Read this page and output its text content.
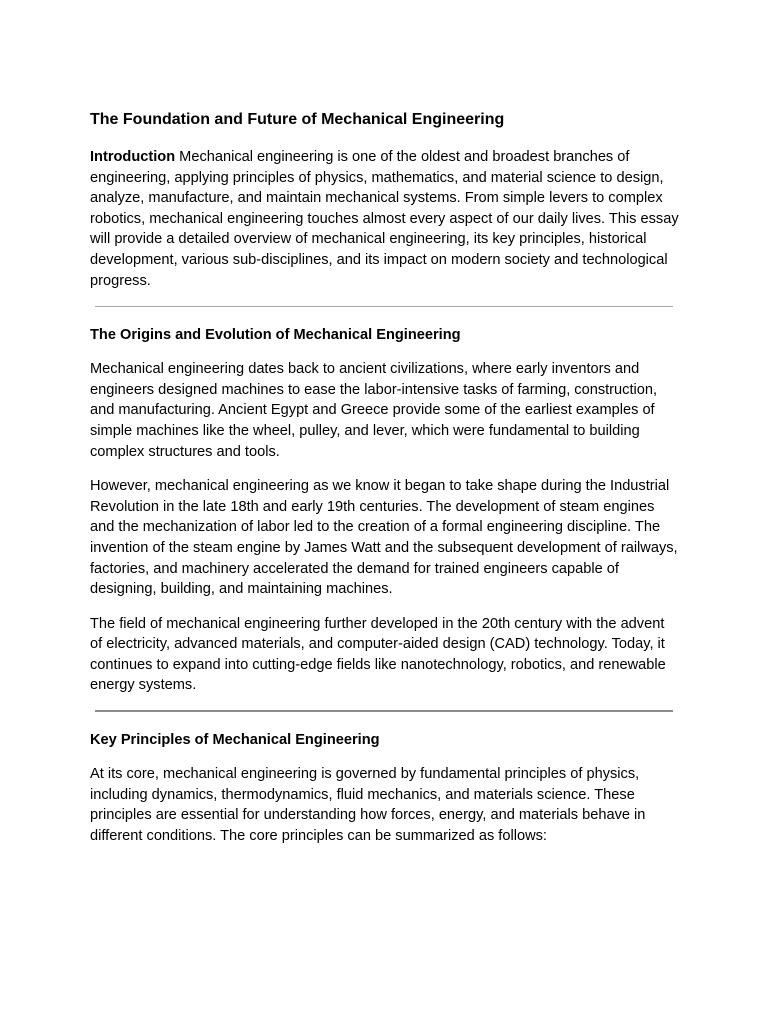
The Foundation and Future of Mechanical Engineering

Introduction Mechanical engineering is one of the oldest and broadest branches of engineering, applying principles of physics, mathematics, and material science to design, analyze, manufacture, and maintain mechanical systems. From simple levers to complex robotics, mechanical engineering touches almost every aspect of our daily lives. This essay will provide a detailed overview of mechanical engineering, its key principles, historical development, various sub-disciplines, and its impact on modern society and technological progress.

The Origins and Evolution of Mechanical Engineering

Mechanical engineering dates back to ancient civilizations, where early inventors and engineers designed machines to ease the labor-intensive tasks of farming, construction, and manufacturing. Ancient Egypt and Greece provide some of the earliest examples of simple machines like the wheel, pulley, and lever, which were fundamental to building complex structures and tools.

However, mechanical engineering as we know it began to take shape during the Industrial Revolution in the late 18th and early 19th centuries. The development of steam engines and the mechanization of labor led to the creation of a formal engineering discipline. The invention of the steam engine by James Watt and the subsequent development of railways, factories, and machinery accelerated the demand for trained engineers capable of designing, building, and maintaining machines.

The field of mechanical engineering further developed in the 20th century with the advent of electricity, advanced materials, and computer-aided design (CAD) technology. Today, it continues to expand into cutting-edge fields like nanotechnology, robotics, and renewable energy systems.

Key Principles of Mechanical Engineering

At its core, mechanical engineering is governed by fundamental principles of physics, including dynamics, thermodynamics, fluid mechanics, and materials science. These principles are essential for understanding how forces, energy, and materials behave in different conditions. The core principles can be summarized as follows:
